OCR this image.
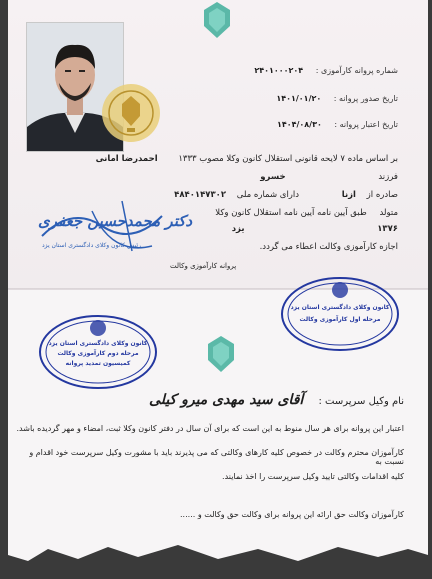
شماره پروانه کارآموزی : ۲۴۰۱۰۰۰۲۰۴
تاریخ صدور پروانه : ۱۴۰۱/۰۱/۲۰
تاریخ اعتبار پروانه : ۱۴۰۴/۰۸/۳۰
بر اساس ماده ۷ لایحه قانونی استقلال کانون وکلا مصوب ۱۳۳۳ احمدرضا امانی
فرزند خسرو
صادره از ازنا دارای شماره ملی ۴۸۴۰۱۴۷۳۰۲
متولد طبق آیین نامه آیین نامه استقلال کانون وکلا
۱۳۷۶ یزد
اجازه کارآموزی وکالت اعطاء می گردد.
پروانه کارآموزی وکالت
دکتر محمدحسین جعفری
رئیس کانون وکلای دادگستری استان یزد
کانون وکلای دادگستری استان یزد
مرحله دوم کارآموزی وکالت
کمیسیون تمدید پروانه
کانون وکلای دادگستری استان یزد
مرحله اول کارآموزی وکالت
نام وکیل سرپرست : آقای سید مهدی میرو کیلی
اعتبار این پروانه برای هر سال منوط به این است که برای آن سال در دفتر کانون وکلا ثبت، امضاء و مهر گردیده باشد.
کارآموزان محترم وکالت در خصوص کلیه کارهای وکالتی که می پذیرند باید با مشورت وکیل سرپرست خود اقدام و نسبت به
کلیه اقدامات وکالتی تایید وکیل سرپرست را اخذ نمایند.
کارآموزان وکالت حق ارائه این پروانه برای وکالت حق وکالت و ......
